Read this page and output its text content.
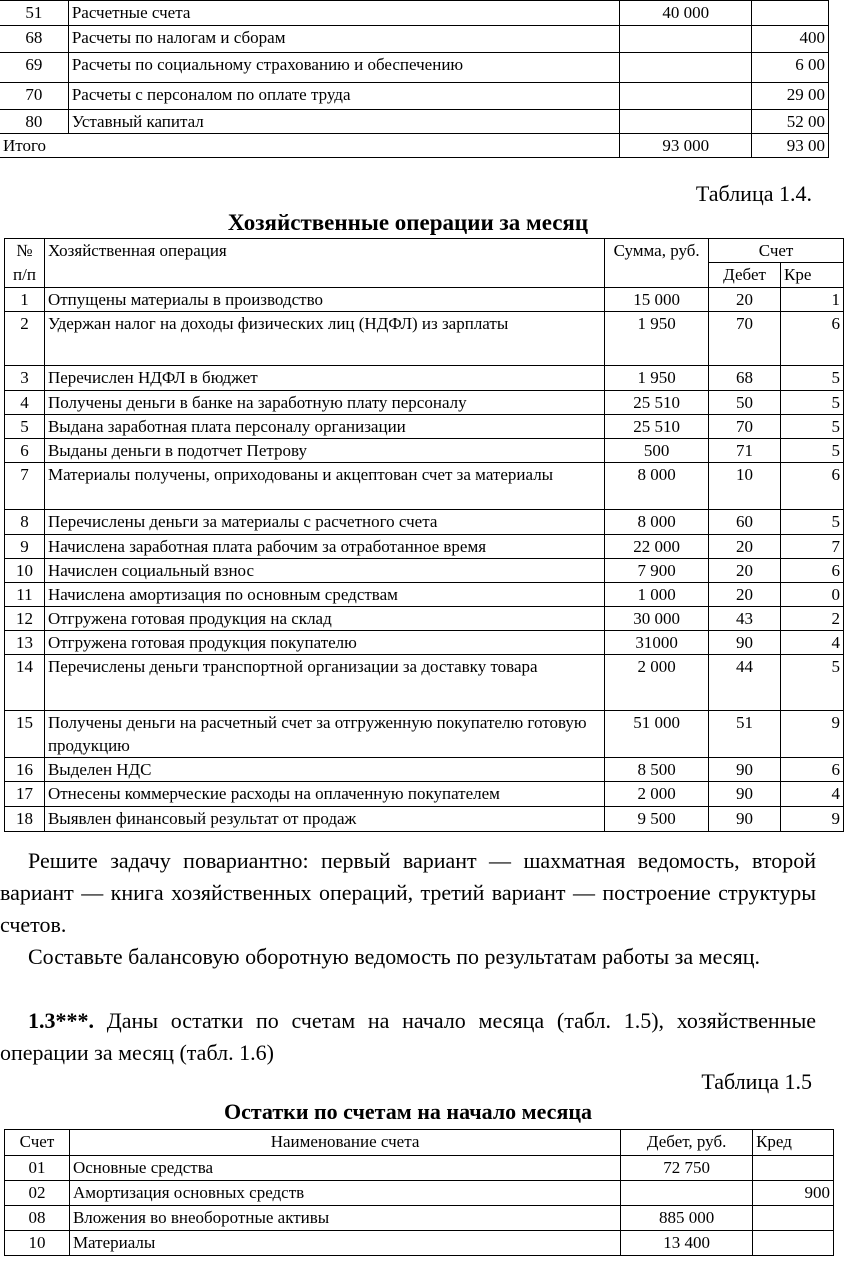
51	Расчетные счета	40 000	
68	Расчеты по налогам и сборам		400
69	Расчеты по социальному страхованию и обеспечению		6 00
70	Расчеты с персоналом по оплате труда		29 00
80	Уставный капитал		52 00
Итого		93 000	93 00
Таблица 1.4.
Хозяйственные операции за месяц
№ п/п	Хозяйственная операция	Сумма, руб.	Счет	
			Дебет	Кре
1	Отпущены материалы в производство	15 000	20	1
2	Удержан налог на доходы физических лиц (НДФЛ) из зарплаты	1 950	70	6
3	Перечислен НДФЛ в бюджет	1 950	68	5
4	Получены деньги в банке на заработную плату персоналу	25 510	50	5
5	Выдана заработная плата персоналу организации	25 510	70	5
6	Выданы деньги в подотчет Петрову	500	71	5
7	Материалы получены, оприходованы и акцептован счет за материалы	8 000	10	6
8	Перечислены деньги за материалы с расчетного счета	8 000	60	5
9	Начислена заработная плата рабочим за отработанное время	22 000	20	7
10	Начислен социальный взнос	7 900	20	6
11	Начислена амортизация по основным средствам	1 000	20	0
12	Отгружена готовая продукция на склад	30 000	43	2
13	Отгружена готовая продукция покупателю	31000	90	4
14	Перечислены деньги транспортной организации за доставку товара	2 000	44	5
15	Получены деньги на расчетный счет за отгруженную покупателю готовую продукцию	51 000	51	9
16	Выделен НДС	8 500	90	6
17	Отнесены коммерческие расходы на оплаченную покупателем	2 000	90	4
18	Выявлен финансовый результат от продаж	9 500	90	9
Решите задачу повариантно: первый вариант — шахматная ведомость, второй вариант — книга хозяйственных операций, третий вариант — построение структуры счетов.
Составьте балансовую оборотную ведомость по результатам работы за месяц.
1.3***. Даны остатки по счетам на начало месяца (табл. 1.5), хозяйственные операции за месяц (табл. 1.6)
Таблица 1.5
Остатки по счетам на начало месяца
Счет	Наименование счета	Дебет, руб.	Кред
01	Основные средства	72 750	
02	Амортизация основных средств		900
08	Вложения во внеоборотные активы	885 000	
10	Материалы	13 400	
